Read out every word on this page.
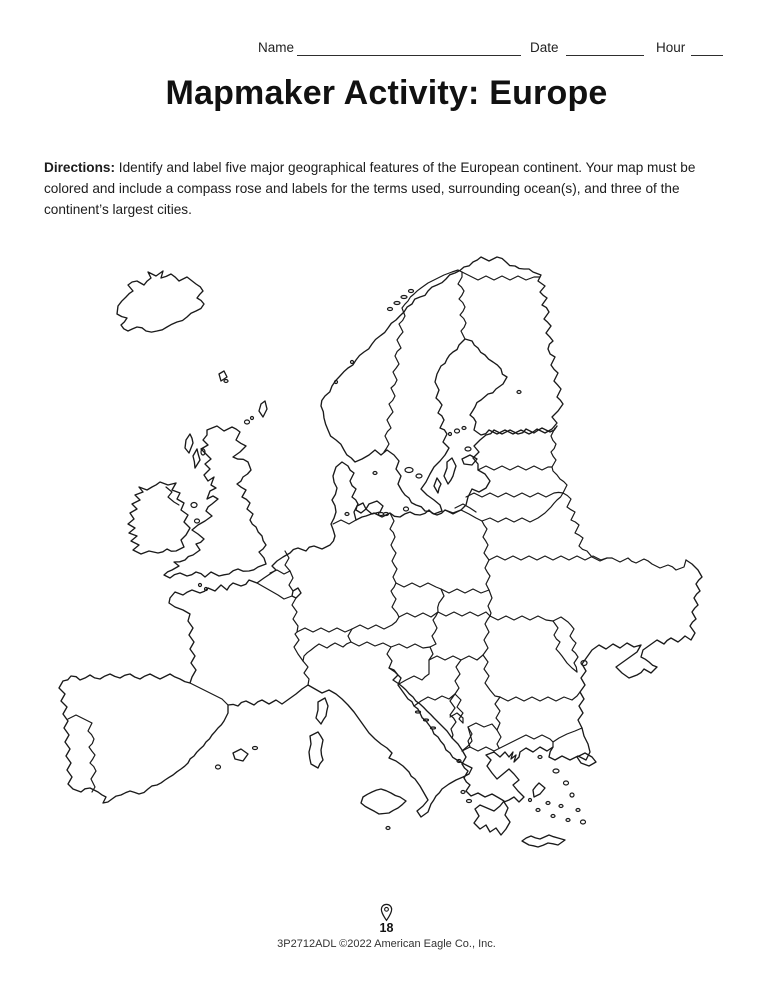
Name	Date	Hour
Mapmaker Activity: Europe

Directions: Identify and label five major geographical features of the European continent. Your map must be colored and include a compass rose and labels for the terms used, surrounding ocean(s), and three of the continent’s largest cities.

18
3P2712ADL ©2022 American Eagle Co., Inc.
